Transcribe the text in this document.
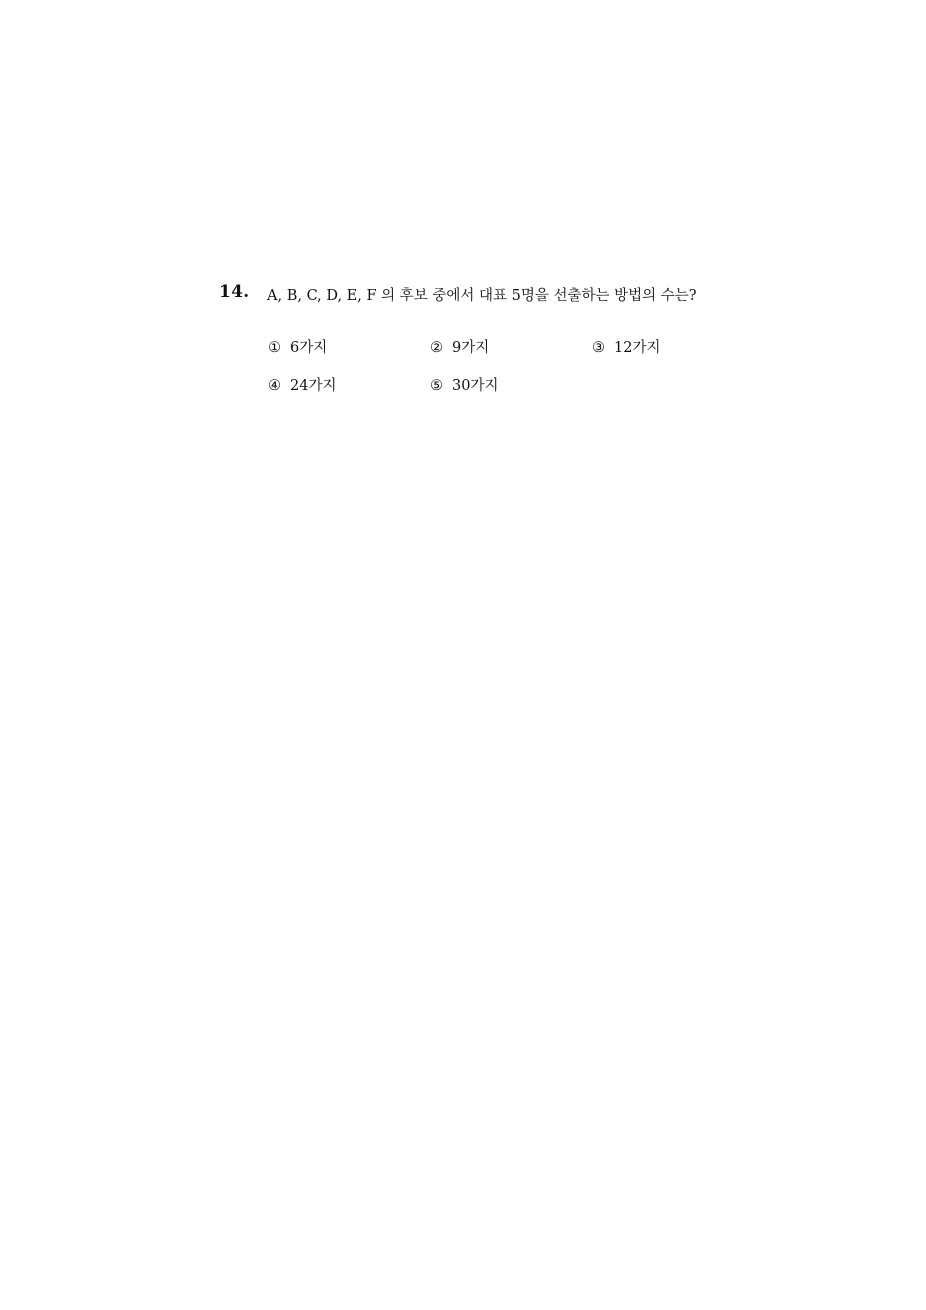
14. A, B, C, D, E, F 의 후보 중에서 대표 5명을 선출하는 방법의 수는?
① 6가지	② 9가지	③ 12가지
④ 24가지	⑤ 30가지
